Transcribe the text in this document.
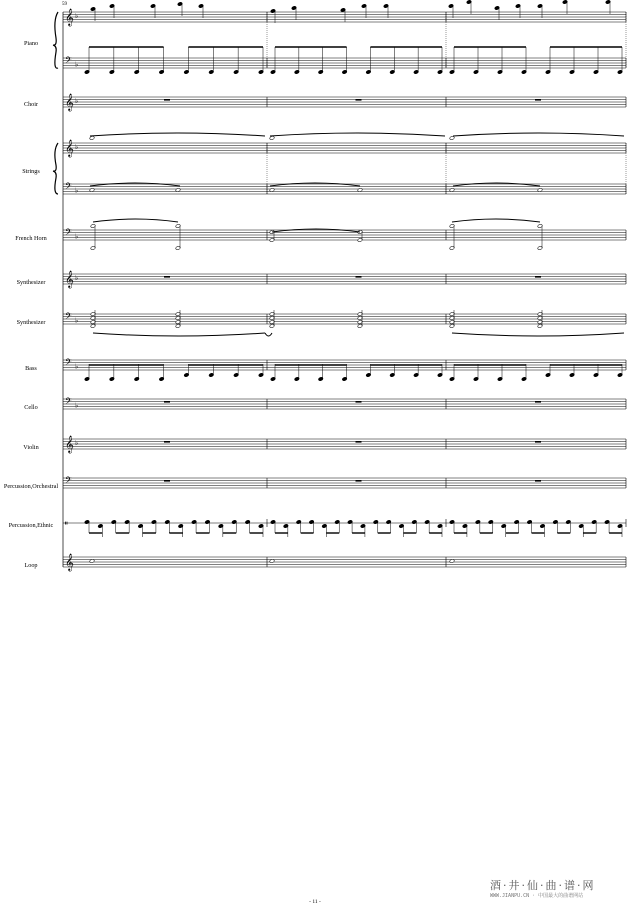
𝄞 ♭
𝄢 ♭
𝄞 ♭
𝄞 ♭
𝄢 ♭
𝄢 ♭
𝄞 ♭
𝄢 ♭
𝄢 ♭
𝄢 ♭
𝄞 ♭
𝄢
𝄥
𝄞
59
Piano
Choir
Strings
French Horn
Synthesizer
Synthesizer
Bass
Cello
Violin
Percussion,Orchestral
Percussion,Ethnic
Loop
- 11 -
酒·井·仙·曲·谱·网
WWW.JIANPU.CN · 中国最大的曲谱网站
